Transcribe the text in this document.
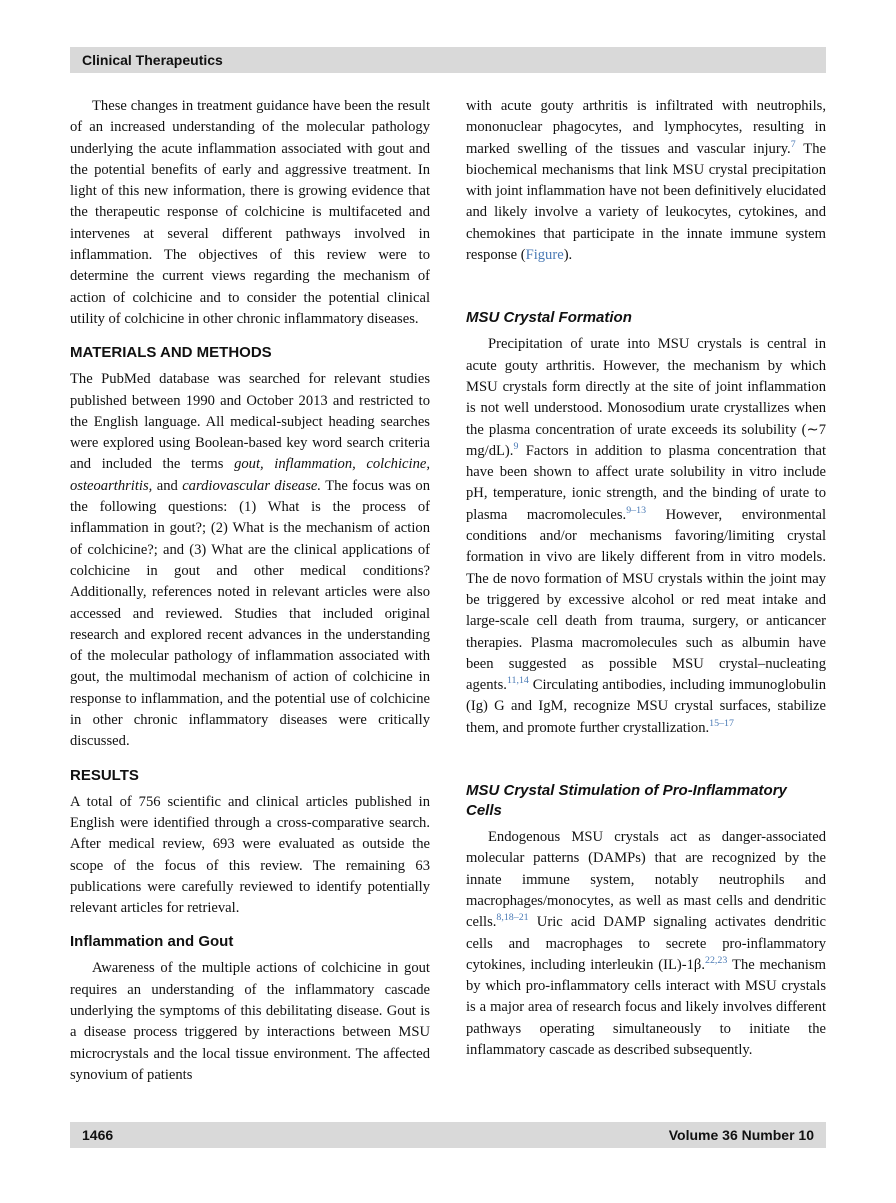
Clinical Therapeutics

These changes in treatment guidance have been the result of an increased understanding of the molecular pathology underlying the acute inflammation associated with gout and the potential benefits of early and aggressive treatment. In light of this new information, there is growing evidence that the therapeutic response of colchicine is multifaceted and intervenes at several different pathways involved in inflammation. The objectives of this review were to determine the current views regarding the mechanism of action of colchicine and to consider the potential clinical utility of colchicine in other chronic inflammatory diseases.

MATERIALS AND METHODS

The PubMed database was searched for relevant studies published between 1990 and October 2013 and restricted to the English language. All medical-subject heading searches were explored using Boolean-based key word search criteria and included the terms gout, inflammation, colchicine, osteoarthritis, and cardiovascular disease. The focus was on the following questions: (1) What is the process of inflammation in gout?; (2) What is the mechanism of action of colchicine?; and (3) What are the clinical applications of colchicine in gout and other medical conditions? Additionally, references noted in relevant articles were also accessed and reviewed. Studies that included original research and explored recent advances in the understanding of the molecular pathology of inflammation associated with gout, the multimodal mechanism of action of colchicine in response to inflammation, and the potential use of colchicine in other chronic inflammatory diseases were critically discussed.

RESULTS

A total of 756 scientific and clinical articles published in English were identified through a cross-comparative search. After medical review, 693 were evaluated as outside the scope of the focus of this review. The remaining 63 publications were carefully reviewed to identify potentially relevant articles for retrieval.

Inflammation and Gout

Awareness of the multiple actions of colchicine in gout requires an understanding of the inflammatory cascade underlying the symptoms of this debilitating disease. Gout is a disease process triggered by interactions between MSU microcrystals and the local tissue environment. The affected synovium of patients

with acute gouty arthritis is infiltrated with neutrophils, mononuclear phagocytes, and lymphocytes, resulting in marked swelling of the tissues and vascular injury.$^7$ The biochemical mechanisms that link MSU crystal precipitation with joint inflammation have not been definitively elucidated and likely involve a variety of leukocytes, cytokines, and chemokines that participate in the innate immune system response (Figure).

MSU Crystal Formation

Precipitation of urate into MSU crystals is central in acute gouty arthritis. However, the mechanism by which MSU crystals form directly at the site of joint inflammation is not well understood. Monosodium urate crystallizes when the plasma concentration of urate exceeds its solubility (∼7 mg/dL).$^9$ Factors in addition to plasma concentration that have been shown to affect urate solubility in vitro include pH, temperature, ionic strength, and the binding of urate to plasma macromolecules.$^{9-13}$ However, environmental conditions and/or mechanisms favoring/limiting crystal formation in vivo are likely different from in vitro models. The de novo formation of MSU crystals within the joint may be triggered by excessive alcohol or red meat intake and large-scale cell death from trauma, surgery, or anticancer therapies. Plasma macromolecules such as albumin have been suggested as possible MSU crystal–nucleating agents.$^{11,14}$ Circulating antibodies, including immunoglobulin (Ig) G and IgM, recognize MSU crystal surfaces, stabilize them, and promote further crystallization.$^{15-17}$

MSU Crystal Stimulation of Pro-Inflammatory Cells

Endogenous MSU crystals act as danger-associated molecular patterns (DAMPs) that are recognized by the innate immune system, notably neutrophils and macrophages/monocytes, as well as mast cells and dendritic cells.$^{8,18-21}$ Uric acid DAMP signaling activates dendritic cells and macrophages to secrete pro-inflammatory cytokines, including interleukin (IL)-1β.$^{22,23}$ The mechanism by which pro-inflammatory cells interact with MSU crystals is a major area of research focus and likely involves different pathways operating simultaneously to initiate the inflammatory cascade as described subsequently.

1466	Volume 36 Number 10
